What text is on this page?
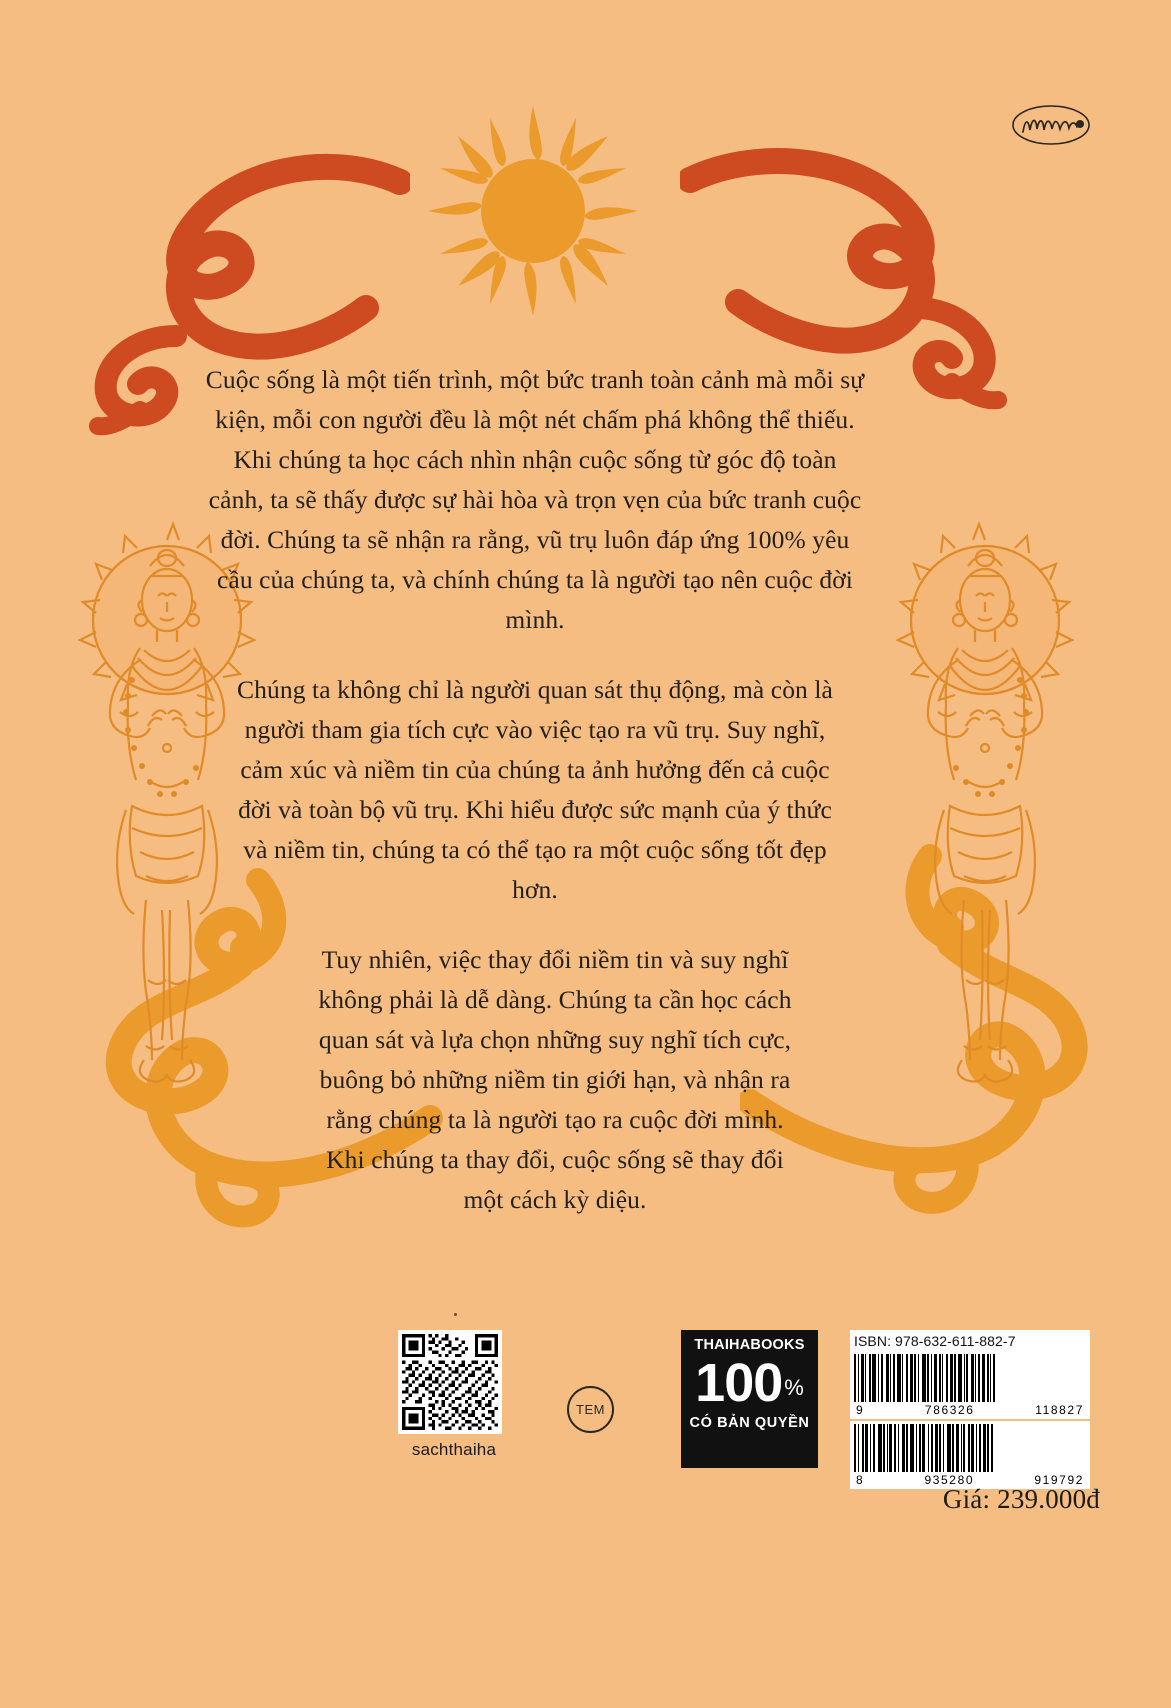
Cuộc sống là một tiến trình, một bức tranh toàn cảnh mà mỗi sự kiện, mỗi con người đều là một nét chấm phá không thể thiếu. Khi chúng ta học cách nhìn nhận cuộc sống từ góc độ toàn cảnh, ta sẽ thấy được sự hài hòa và trọn vẹn của bức tranh cuộc đời. Chúng ta sẽ nhận ra rằng, vũ trụ luôn đáp ứng 100% yêu cầu của chúng ta, và chính chúng ta là người tạo nên cuộc đời mình.

Chúng ta không chỉ là người quan sát thụ động, mà còn là người tham gia tích cực vào việc tạo ra vũ trụ. Suy nghĩ, cảm xúc và niềm tin của chúng ta ảnh hưởng đến cả cuộc đời và toàn bộ vũ trụ. Khi hiểu được sức mạnh của ý thức và niềm tin, chúng ta có thể tạo ra một cuộc sống tốt đẹp hơn.

Tuy nhiên, việc thay đổi niềm tin và suy nghĩ không phải là dễ dàng. Chúng ta cần học cách quan sát và lựa chọn những suy nghĩ tích cực, buông bỏ những niềm tin giới hạn, và nhận ra rằng chúng ta là người tạo ra cuộc đời mình. Khi chúng ta thay đổi, cuộc sống sẽ thay đổi một cách kỳ diệu.

sachthaiha
TEM
THAIHABOOKS
100%
CÓ BẢN QUYỀN
ISBN: 978-632-611-882-7
9	786326	118827
8	935280	919792
Giá: 239.000đ
